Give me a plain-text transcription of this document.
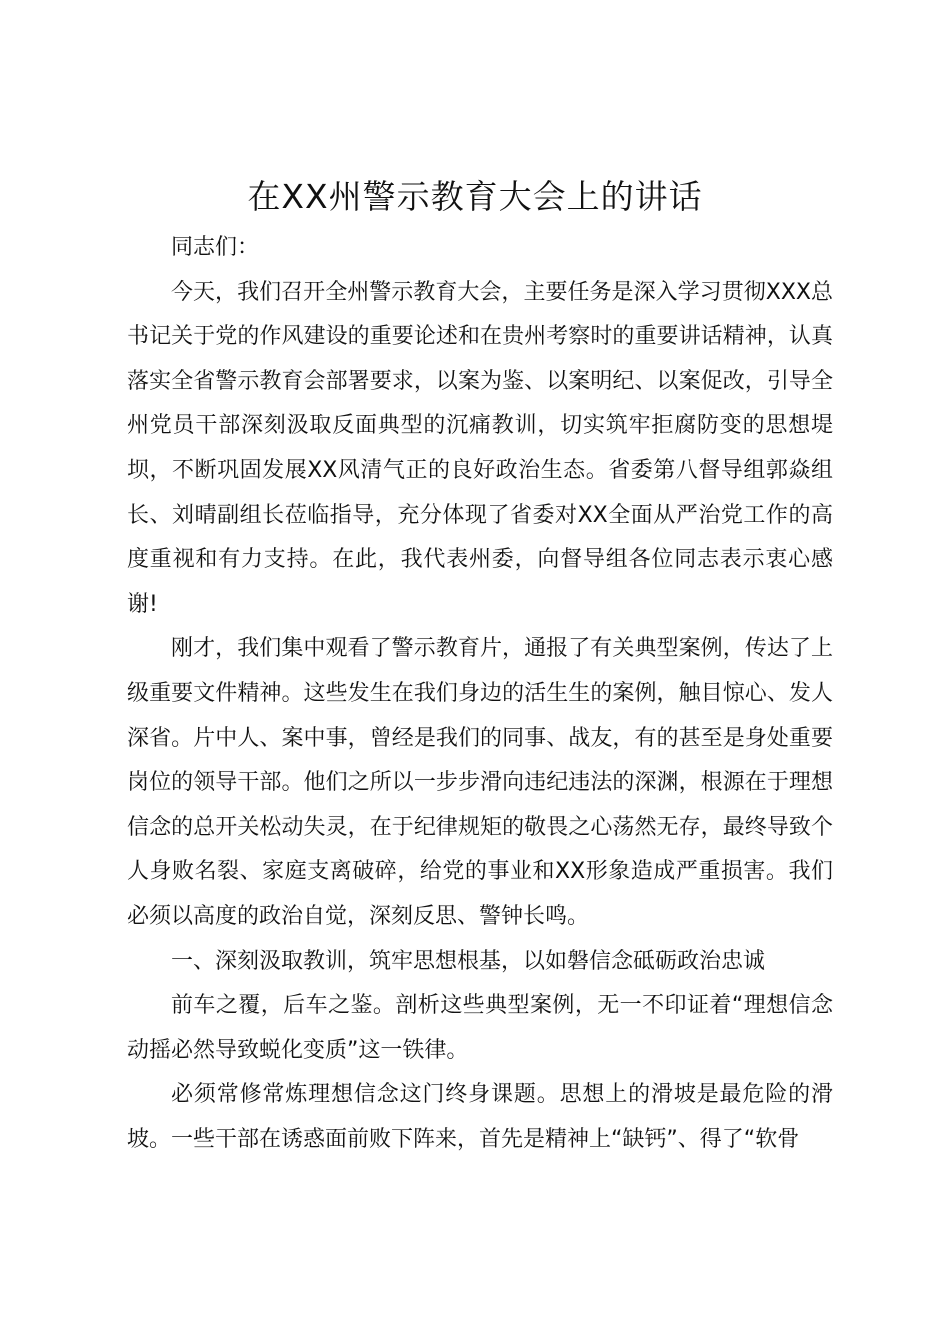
在XX州警示教育大会上的讲话

同志们：

今天，我们召开全州警示教育大会，主要任务是深入学习贯彻XXX总书记关于党的作风建设的重要论述和在贵州考察时的重要讲话精神，认真落实全省警示教育会部署要求，以案为鉴、以案明纪、以案促改，引导全州党员干部深刻汲取反面典型的沉痛教训，切实筑牢拒腐防变的思想堤坝，不断巩固发展XX风清气正的良好政治生态。省委第八督导组郭焱组长、刘晴副组长莅临指导，充分体现了省委对XX全面从严治党工作的高度重视和有力支持。在此，我代表州委，向督导组各位同志表示衷心感谢!

刚才，我们集中观看了警示教育片，通报了有关典型案例，传达了上级重要文件精神。这些发生在我们身边的活生生的案例，触目惊心、发人深省。片中人、案中事，曾经是我们的同事、战友，有的甚至是身处重要岗位的领导干部。他们之所以一步步滑向违纪违法的深渊，根源在于理想信念的总开关松动失灵，在于纪律规矩的敬畏之心荡然无存，最终导致个人身败名裂、家庭支离破碎，给党的事业和XX形象造成严重损害。我们必须以高度的政治自觉，深刻反思、警钟长鸣。

一、深刻汲取教训，筑牢思想根基，以如磐信念砥砺政治忠诚

前车之覆，后车之鉴。剖析这些典型案例，无一不印证着“理想信念动摇必然导致蜕化变质”这一铁律。

必须常修常炼理想信念这门终身课题。思想上的滑坡是最危险的滑坡。一些干部在诱惑面前败下阵来，首先是精神上“缺钙”、得了“软骨
